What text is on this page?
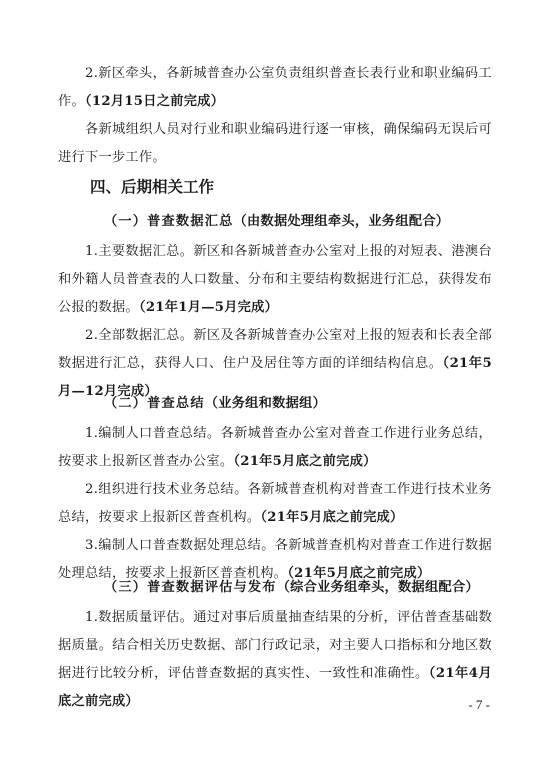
2.新区牵头，各新城普查办公室负责组织普查长表行业和职业编码工作。（12月15日之前完成）

各新城组织人员对行业和职业编码进行逐一审核，确保编码无误后可进行下一步工作。

四、后期相关工作
（一）普查数据汇总（由数据处理组牵头，业务组配合）

1.主要数据汇总。新区和各新城普查办公室对上报的对短表、港澳台和外籍人员普查表的人口数量、分布和主要结构数据进行汇总，获得发布公报的数据。（21年1月—5月完成）

2.全部数据汇总。新区及各新城普查办公室对上报的短表和长表全部数据进行汇总，获得人口、住户及居住等方面的详细结构信息。（21年5月—12月完成）

（二）普查总结（业务组和数据组）

1.编制人口普查总结。各新城普查办公室对普查工作进行业务总结，按要求上报新区普查办公室。（21年5月底之前完成）

2.组织进行技术业务总结。各新城普查机构对普查工作进行技术业务总结，按要求上报新区普查机构。（21年5月底之前完成）

3.编制人口普查数据处理总结。各新城普查机构对普查工作进行数据处理总结，按要求上报新区普查机构。（21年5月底之前完成）

（三）普查数据评估与发布（综合业务组牵头，数据组配合）

1.数据质量评估。通过对事后质量抽查结果的分析，评估普查基础数据质量。结合相关历史数据、部门行政记录，对主要人口指标和分地区数据进行比较分析，评估普查数据的真实性、一致性和准确性。（21年4月底之前完成）	- 7 -
